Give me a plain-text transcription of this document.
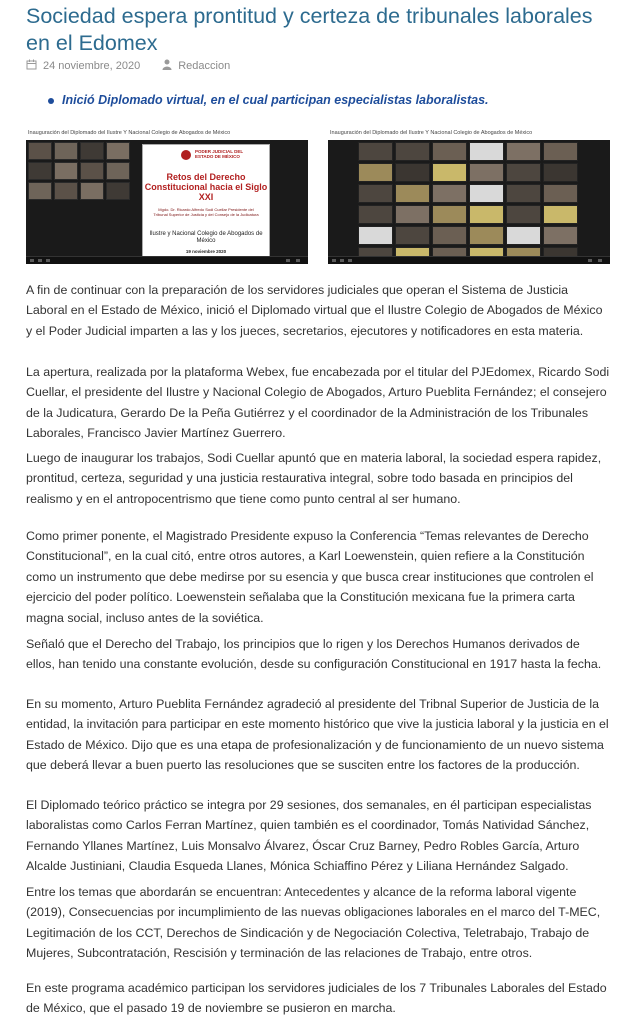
Sociedad espera prontitud y certeza de tribunales laborales en el Edomex
24 noviembre, 2020	Redaccion
Inició Diplomado virtual, en el cual participan especialistas laboralistas.
Inauguración del Diplomado del Ilustre Y Nacional Colegio de Abogados de México
PODER JUDICIAL DEL ESTADO DE MÉXICO
Retos del Derecho Constitucional hacia el Siglo XXI
Mgdo. Dr. Ricardo Alfredo Sodi Cuellar Presidente del Tribunal Superior de Justicia y del Consejo de la Judicatura
Ilustre y Nacional Colegio de Abogados de México
19 noviembre 2020
Inauguración del Diplomado del Ilustre Y Nacional Colegio de Abogados de México

A fin de continuar con la preparación de los servidores judiciales que operan el Sistema de Justicia Laboral en el Estado de México, inició el Diplomado virtual que el Ilustre Colegio de Abogados de México y el Poder Judicial imparten a las y los jueces, secretarios, ejecutores y notificadores en esta materia.

La apertura, realizada por la plataforma Webex, fue encabezada por el titular del PJEdomex, Ricardo Sodi Cuellar, el presidente del Ilustre y Nacional Colegio de Abogados, Arturo Pueblita Fernández; el consejero de la Judicatura, Gerardo De la Peña Gutiérrez y el coordinador de la Administración de los Tribunales Laborales, Francisco Javier Martínez Guerrero.

Luego de inaugurar los trabajos, Sodi Cuellar apuntó que en materia laboral, la sociedad espera rapidez, prontitud, certeza, seguridad y una justicia restaurativa integral, sobre todo basada en principios del realismo y en el antropocentrismo que tiene como punto central al ser humano.

Como primer ponente, el Magistrado Presidente expuso la Conferencia “Temas relevantes de Derecho Constitucional”, en la cual citó, entre otros autores, a Karl Loewenstein, quien refiere a la Constitución como un instrumento que debe medirse por su esencia y que busca crear instituciones que controlen el ejercicio del poder político. Loewenstein señalaba que la Constitución mexicana fue la primera carta magna social, incluso antes de la soviética.

Señaló que el Derecho del Trabajo, los principios que lo rigen y los Derechos Humanos derivados de ellos, han tenido una constante evolución, desde su configuración Constitucional en 1917 hasta la fecha.

En su momento, Arturo Pueblita Fernández agradeció al presidente del Tribnal Superior de Justicia de la entidad, la invitación para participar en este momento histórico que vive la justicia laboral y la justicia en el Estado de México. Dijo que es una etapa de profesionalización y de funcionamiento de un nuevo sistema que deberá llevar a buen puerto las resoluciones que se susciten entre los factores de la producción.

El Diplomado teórico práctico se integra por 29 sesiones, dos semanales, en él participan especialistas laboralistas como Carlos Ferran Martínez, quien también es el coordinador, Tomás Natividad Sánchez, Fernando Yllanes Martínez, Luis Monsalvo Álvarez, Óscar Cruz Barney, Pedro Robles García, Arturo Alcalde Justiniani, Claudia Esqueda Llanes, Mónica Schiaffino Pérez y Liliana Hernández Salgado.

Entre los temas que abordarán se encuentran: Antecedentes y alcance de la reforma laboral vigente (2019), Consecuencias por incumplimiento de las nuevas obligaciones laborales en el marco del T-MEC, Legitimación de los CCT, Derechos de Sindicación y de Negociación Colectiva, Teletrabajo, Trabajo de Mujeres, Subcontratación, Rescisión y terminación de las relaciones de Trabajo, entre otros.

En este programa académico participan los servidores judiciales de los 7 Tribunales Laborales del Estado de México, que el pasado 19 de noviembre se pusieron en marcha.
